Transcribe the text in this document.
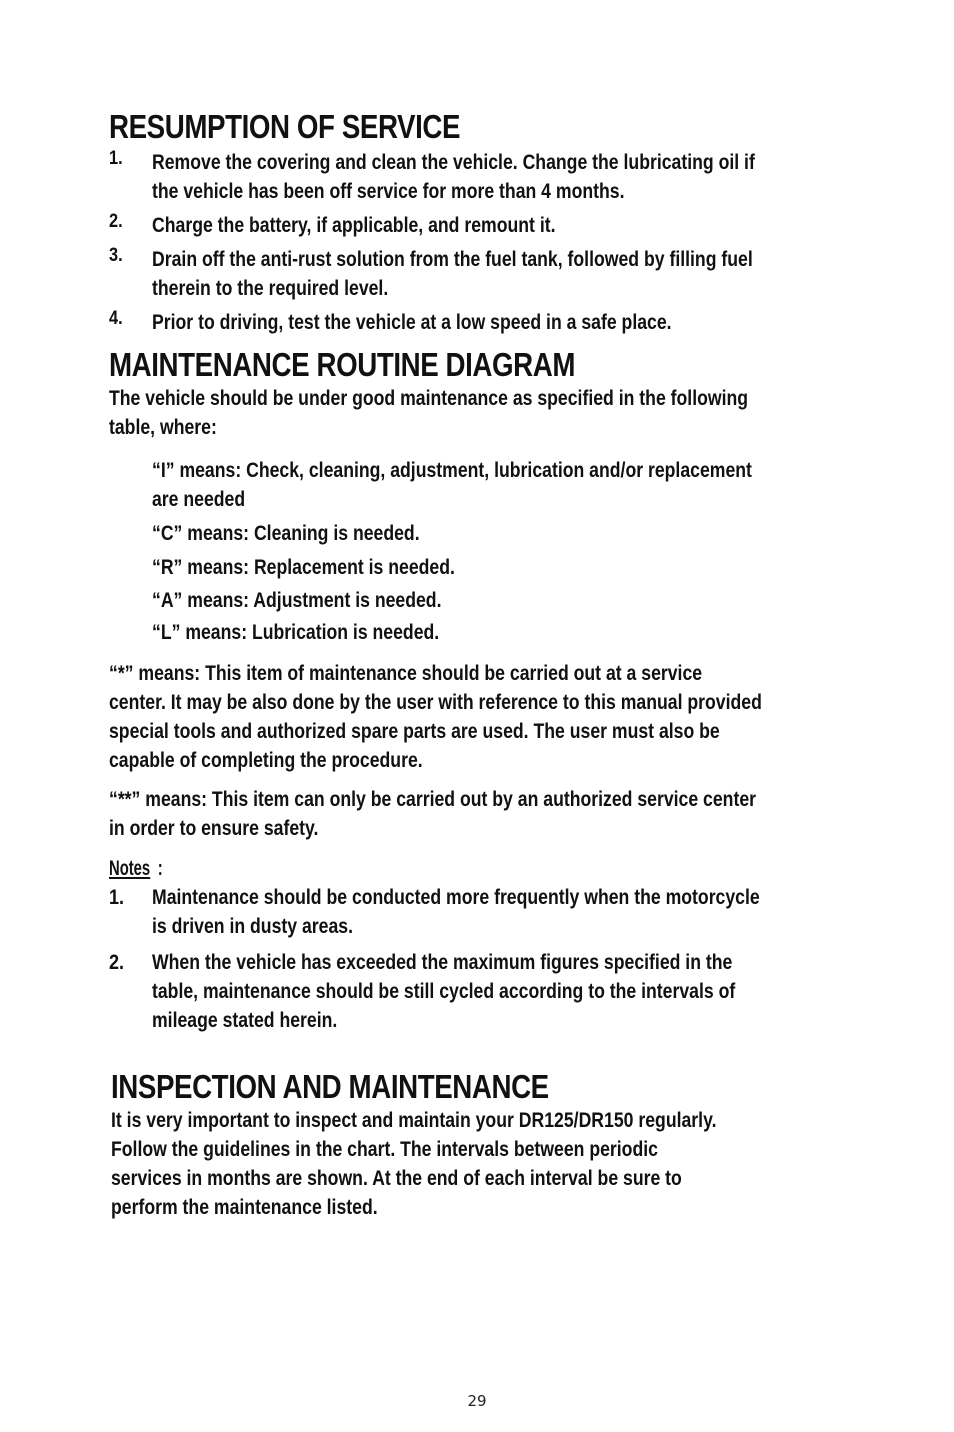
RESUMPTION OF SERVICE
1. Remove the covering and clean the vehicle. Change the lubricating oil if
the vehicle has been off service for more than 4 months.
2. Charge the battery, if applicable, and remount it.
3. Drain off the anti-rust solution from the fuel tank, followed by filling fuel
therein to the required level.
4. Prior to driving, test the vehicle at a low speed in a safe place.
MAINTENANCE ROUTINE DIAGRAM
The vehicle should be under good maintenance as specified in the following
table, where:
“I” means: Check, cleaning, adjustment, lubrication and/or replacement
are needed
“C” means: Cleaning is needed.
“R” means: Replacement is needed.
“A” means: Adjustment is needed.
“L” means: Lubrication is needed.
“*” means: This item of maintenance should be carried out at a service
center. It may be also done by the user with reference to this manual provided
special tools and authorized spare parts are used. The user must also be
capable of completing the procedure.
“**” means: This item can only be carried out by an authorized service center
in order to ensure safety.
Notes :
1. Maintenance should be conducted more frequently when the motorcycle
is driven in dusty areas.
2. When the vehicle has exceeded the maximum figures specified in the
table, maintenance should be still cycled according to the intervals of
mileage stated herein.
INSPECTION AND MAINTENANCE
It is very important to inspect and maintain your DR125/DR150 regularly.
Follow the guidelines in the chart. The intervals between periodic
services in months are shown. At the end of each interval be sure to
perform the maintenance listed.
29
